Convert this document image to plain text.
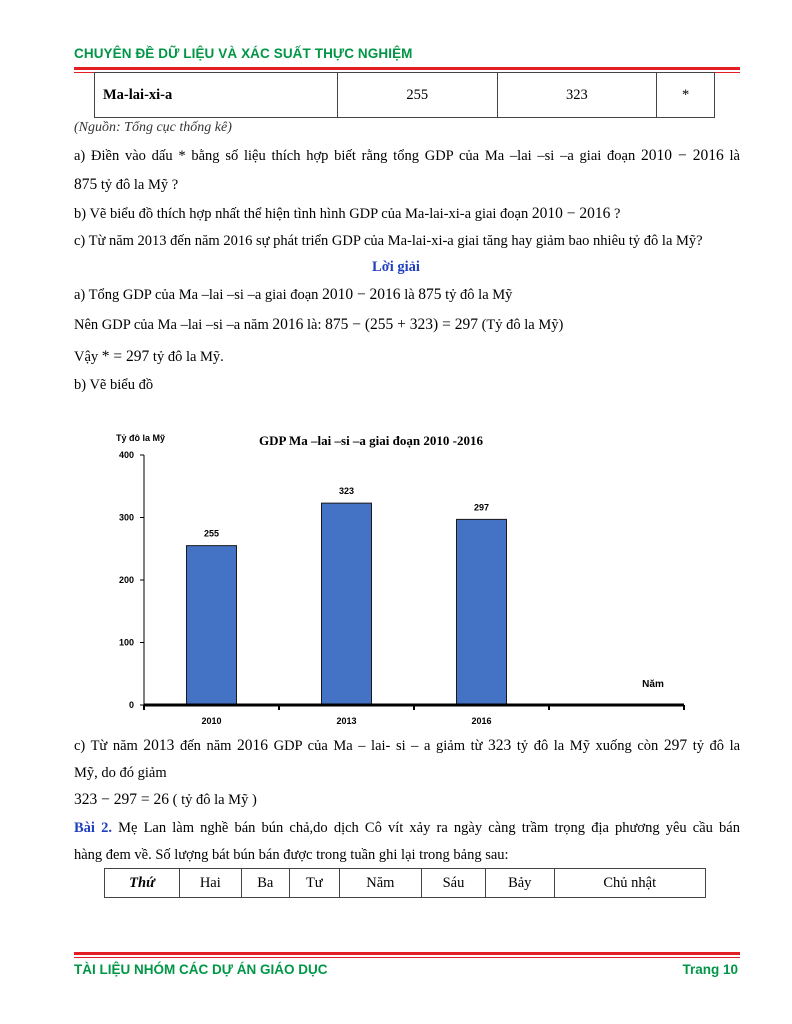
CHUYÊN ĐỀ DỮ LIỆU VÀ XÁC SUẤT THỰC NGHIỆM
Ma-lai-xi-a	255	323	*
(Nguồn: Tổng cục thống kê)
a) Điền vào dấu * bằng số liệu thích hợp biết rằng tổng GDP của Ma –lai –si –a giai đoạn 2010 − 2016 là
875 tỷ đô la Mỹ ?
b) Vẽ biểu đồ thích hợp nhất thể hiện tình hình GDP của Ma-lai-xi-a giai đoạn 2010 − 2016 ?
c) Từ năm 2013 đến năm 2016 sự phát triển GDP của Ma-lai-xi-a giai tăng hay giảm bao nhiêu tỷ đô la Mỹ?
Lời giải
a) Tổng GDP của Ma –lai –si –a giai đoạn 2010 − 2016 là 875 tỷ đô la Mỹ
Nên GDP của Ma –lai –si –a năm 2016 là: 875 − (255 + 323) = 297 (Tỷ đô la Mỹ)
Vậy * = 297 tỷ đô la Mỹ.
b) Vẽ biểu đồ
Tỷ đô la Mỹ	GDP Ma –lai –si –a giai đoạn 2010 -2016
0
100
200
300
400
255
323
297
2010	2013	2016
Năm
c) Từ năm 2013 đến năm 2016 GDP của Ma – lai- si – a giảm từ 323 tỷ đô la Mỹ xuống còn 297 tỷ đô la
Mỹ, do đó giảm
323 − 297 = 26 ( tỷ đô la Mỹ )
Bài 2. Mẹ Lan làm nghề bán bún chả,do dịch Cô vít xảy ra ngày càng trầm trọng địa phương yêu cầu bán
hàng đem về. Số lượng bát bún bán được trong tuần ghi lại trong bảng sau:
Thứ	Hai	Ba	Tư	Năm	Sáu	Bảy	Chủ nhật
TÀI LIỆU NHÓM CÁC DỰ ÁN GIÁO DỤC	Trang 10
